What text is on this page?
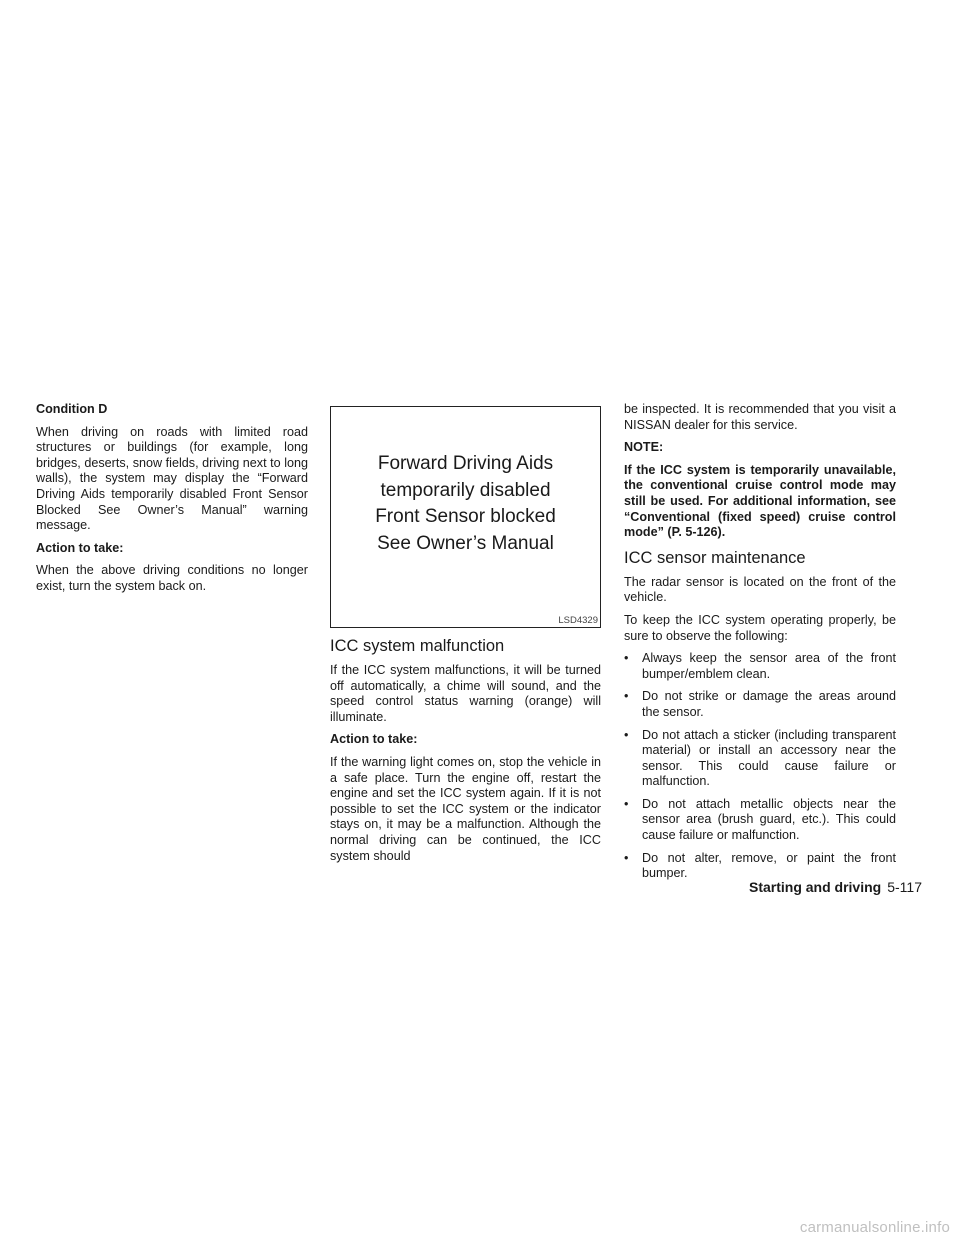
Condition D

When driving on roads with limited road structures or buildings (for example, long bridges, deserts, snow fields, driving next to long walls), the system may display the “Forward Driving Aids temporarily disabled Front Sensor Blocked See Owner’s Manual” warning message.

Action to take:

When the above driving conditions no longer exist, turn the system back on.

Forward Driving Aids
temporarily disabled
Front Sensor blocked
See Owner’s Manual
LSD4329
ICC system malfunction

If the ICC system malfunctions, it will be turned off automatically, a chime will sound, and the speed control status warning (orange) will illuminate.

Action to take:

If the warning light comes on, stop the vehicle in a safe place. Turn the engine off, restart the engine and set the ICC system again. If it is not possible to set the ICC system or the indicator stays on, it may be a malfunction. Although the normal driving can be continued, the ICC system should

be inspected. It is recommended that you visit a NISSAN dealer for this service.

NOTE:

If the ICC system is temporarily unavailable, the conventional cruise control mode may still be used. For additional information, see “Conventional (fixed speed) cruise control mode” (P. 5-126).

ICC sensor maintenance

The radar sensor is located on the front of the vehicle.

To keep the ICC system operating properly, be sure to observe the following:

• Always keep the sensor area of the front bumper/emblem clean.
• Do not strike or damage the areas around the sensor.
• Do not attach a sticker (including transparent material) or install an accessory near the sensor. This could cause failure or malfunction.
• Do not attach metallic objects near the sensor area (brush guard, etc.). This could cause failure or malfunction.
• Do not alter, remove, or paint the front bumper.
Starting and driving 5-117
carmanualsonline.info
